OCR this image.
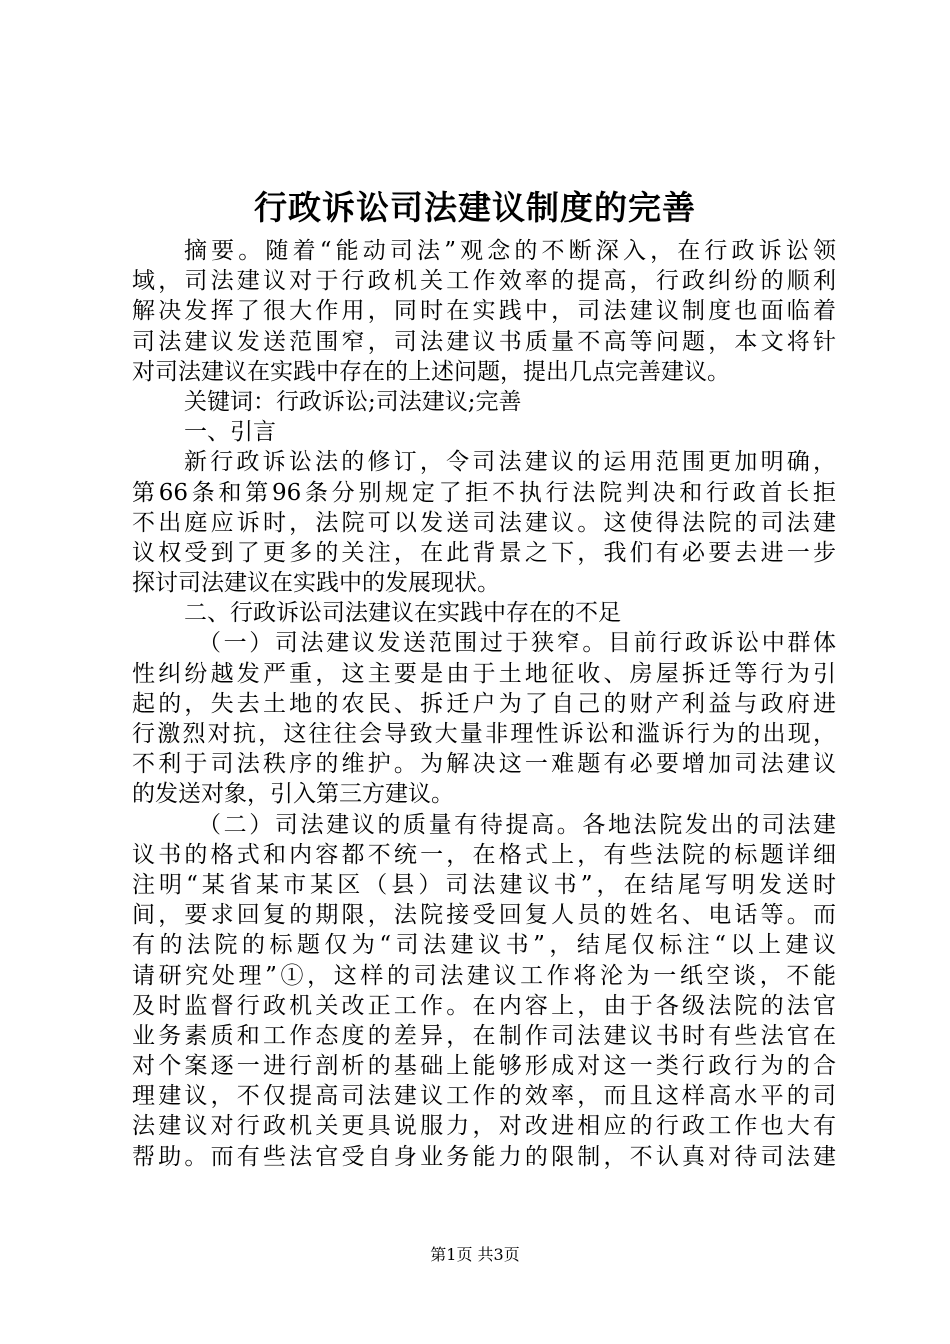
行政诉讼司法建议制度的完善
摘要。随着“能动司法”观念的不断深入，在行政诉讼领
域，司法建议对于行政机关工作效率的提高，行政纠纷的顺利
解决发挥了很大作用，同时在实践中，司法建议制度也面临着
司法建议发送范围窄，司法建议书质量不高等问题，本文将针
对司法建议在实践中存在的上述问题，提出几点完善建议。
关键词：行政诉讼;司法建议;完善
一、引言
新行政诉讼法的修订，令司法建议的运用范围更加明确，
第66条和第96条分别规定了拒不执行法院判决和行政首长拒
不出庭应诉时，法院可以发送司法建议。这使得法院的司法建
议权受到了更多的关注，在此背景之下，我们有必要去进一步
探讨司法建议在实践中的发展现状。
二、行政诉讼司法建议在实践中存在的不足
（一）司法建议发送范围过于狭窄。目前行政诉讼中群体
性纠纷越发严重，这主要是由于土地征收、房屋拆迁等行为引
起的，失去土地的农民、拆迁户为了自己的财产利益与政府进
行激烈对抗，这往往会导致大量非理性诉讼和滥诉行为的出现，
不利于司法秩序的维护。为解决这一难题有必要增加司法建议
的发送对象，引入第三方建议。
（二）司法建议的质量有待提高。各地法院发出的司法建
议书的格式和内容都不统一，在格式上，有些法院的标题详细
注明“某省某市某区（县）司法建议书”，在结尾写明发送时
间，要求回复的期限，法院接受回复人员的姓名、电话等。而
有的法院的标题仅为“司法建议书”，结尾仅标注“以上建议
请研究处理”①，这样的司法建议工作将沦为一纸空谈，不能
及时监督行政机关改正工作。在内容上，由于各级法院的法官
业务素质和工作态度的差异，在制作司法建议书时有些法官在
对个案逐一进行剖析的基础上能够形成对这一类行政行为的合
理建议，不仅提高司法建议工作的效率，而且这样高水平的司
法建议对行政机关更具说服力，对改进相应的行政工作也大有
帮助。而有些法官受自身业务能力的限制，不认真对待司法建
第1页 共3页
